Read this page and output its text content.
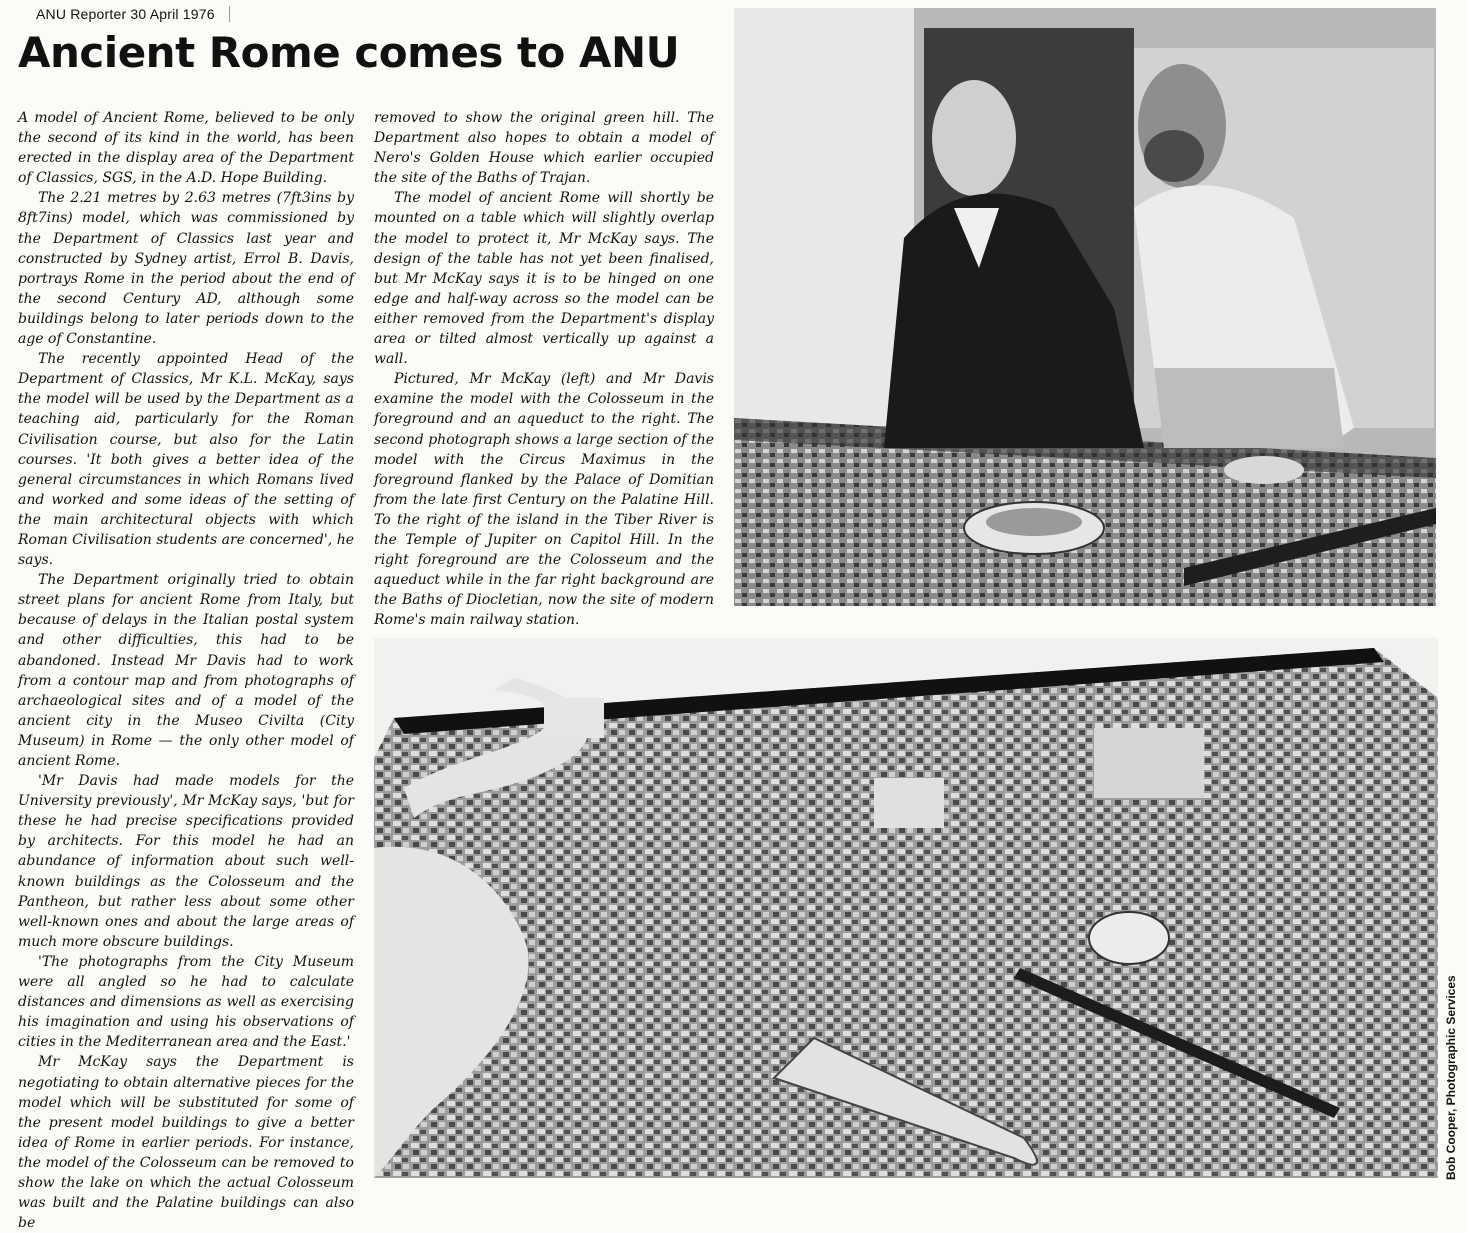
ANU Reporter 30 April 1976
Ancient Rome comes to ANU

A model of Ancient Rome, believed to be only the second of its kind in the world, has been erected in the display area of the Department of Classics, SGS, in the A.D. Hope Building.

The 2.21 metres by 2.63 metres (7ft3ins by 8ft7ins) model, which was commissioned by the Department of Classics last year and constructed by Sydney artist, Errol B. Davis, portrays Rome in the period about the end of the second Century AD, although some buildings belong to later periods down to the age of Constantine.

The recently appointed Head of the Department of Classics, Mr K.L. McKay, says the model will be used by the Department as a teaching aid, particularly for the Roman Civilisation course, but also for the Latin courses. 'It both gives a better idea of the general circumstances in which Romans lived and worked and some ideas of the setting of the main architectural objects with which Roman Civilisation students are concerned', he says.

The Department originally tried to obtain street plans for ancient Rome from Italy, but because of delays in the Italian postal system and other difficulties, this had to be abandoned. Instead Mr Davis had to work from a contour map and from photographs of archaeological sites and of a model of the ancient city in the Museo Civilta (City Museum) in Rome — the only other model of ancient Rome.

'Mr Davis had made models for the University previously', Mr McKay says, 'but for these he had precise specifications provided by architects. For this model he had an abundance of information about such well-known buildings as the Colosseum and the Pantheon, but rather less about some other well-known ones and about the large areas of much more obscure buildings.

'The photographs from the City Museum were all angled so he had to calculate distances and dimensions as well as exercising his imagination and using his observations of cities in the Mediterranean area and the East.'

Mr McKay says the Department is negotiating to obtain alternative pieces for the model which will be substituted for some of the present model buildings to give a better idea of Rome in earlier periods. For instance, the model of the Colosseum can be removed to show the lake on which the actual Colosseum was built and the Palatine buildings can also be

removed to show the original green hill. The Department also hopes to obtain a model of Nero's Golden House which earlier occupied the site of the Baths of Trajan.

The model of ancient Rome will shortly be mounted on a table which will slightly overlap the model to protect it, Mr McKay says. The design of the table has not yet been finalised, but Mr McKay says it is to be hinged on one edge and half-way across so the model can be either removed from the Department's display area or tilted almost vertically up against a wall.

Pictured, Mr McKay (left) and Mr Davis examine the model with the Colosseum in the foreground and an aqueduct to the right. The second photograph shows a large section of the model with the Circus Maximus in the foreground flanked by the Palace of Domitian from the late first Century on the Palatine Hill. To the right of the island in the Tiber River is the Temple of Jupiter on Capitol Hill. In the right foreground are the Colosseum and the aqueduct while in the far right background are the Baths of Diocletian, now the site of modern Rome's main railway station.

Bob Cooper, Photographic Services
